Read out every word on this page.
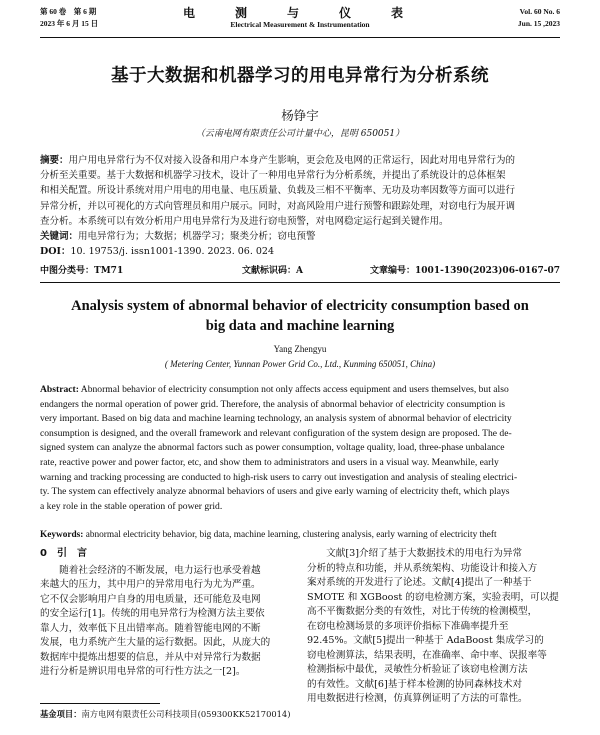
第 60 卷　第 6 期
2023 年 6 月 15 日
电　测　与　仪　表
Electrical Measurement & Instrumentation
Vol. 60 No. 6
Jun. 15 ,2023
基于大数据和机器学习的用电异常行为分析系统
杨铮宇
（云南电网有限责任公司计量中心，昆明 650051）
摘要：用户用电异常行为不仅对接入设备和用户本身产生影响，更会危及电网的正常运行，因此对用电异常行为的
分析至关重要。基于大数据和机器学习技术，设计了一种用电异常行为分析系统，并提出了系统设计的总体框架
和相关配置。所设计系统对用户用电的用电量、电压质量、负载及三相不平衡率、无功及功率因数等方面可以进行
异常分析，并以可视化的方式向管理员和用户展示。同时，对高风险用户进行预警和跟踪处理，对窃电行为展开调
查分析。本系统可以有效分析用户用电异常行为及进行窃电预警，对电网稳定运行起到关键作用。
关键词：用电异常行为；大数据；机器学习；聚类分析；窃电预警
DOI：10. 19753/j. issn1001-1390. 2023. 06. 024
中图分类号：TM71	文献标识码：A	文章编号：1001-1390(2023)06-0167-07
Analysis system of abnormal behavior of electricity consumption based on
big data and machine learning
Yang Zhengyu
( Metering Center, Yunnan Power Grid Co., Ltd., Kunming 650051, China)
Abstract: Abnormal behavior of electricity consumption not only affects access equipment and users themselves, but also
endangers the normal operation of power grid. Therefore, the analysis of abnormal behavior of electricity consumption is
very important. Based on big data and machine learning technology, an analysis system of abnormal behavior of electricity
consumption is designed, and the overall framework and relevant configuration of the system design are proposed. The de-
signed system can analyze the abnormal factors such as power consumption, voltage quality, load, three-phase unbalance
rate, reactive power and power factor, etc, and show them to administrators and users in a visual way. Meanwhile, early
warning and tracking processing are conducted to high-risk users to carry out investigation and analysis of stealing electrici-
ty. The system can effectively analyze abnormal behaviors of users and give early warning of electricity theft, which plays
a key role in the stable operation of power grid.
Keywords: abnormal electricity behavior, big data, machine learning, clustering analysis, early warning of electricity theft
0　引　言
　　随着社会经济的不断发展，电力运行也承受着越
来越大的压力，其中用户的异常用电行为尤为严重。
它不仅会影响用户自身的用电质量，还可能危及电网
的安全运行[1]。传统的用电异常行为检测方法主要依
靠人力，效率低下且出错率高。随着智能电网的不断
发展，电力系统产生大量的运行数据。因此，从庞大的
数据库中提炼出想要的信息，并从中对异常行为数据
进行分析是辨识用电异常的可行性方法之一[2]。
　　文献[3]介绍了基于大数据技术的用电行为异常
分析的特点和功能，并从系统架构、功能设计和接入方
案对系统的开发进行了论述。文献[4]提出了一种基于
SMOTE 和 XGBoost 的窃电检测方案，实验表明，可以提
高不平衡数据分类的有效性，对比于传统的检测模型，
在窃电检测场景的多项评价指标下准确率提升至
92.45%。文献[5]提出一种基于 AdaBoost 集成学习的
窃电检测算法，结果表明，在准确率、命中率、误报率等
检测指标中最优，灵敏性分析验证了该窃电检测方法
的有效性。文献[6]基于样本检测的协同森林技术对
用电数据进行检测，仿真算例证明了方法的可靠性。
基金项目：南方电网有限责任公司科技项目(059300KK52170014)
